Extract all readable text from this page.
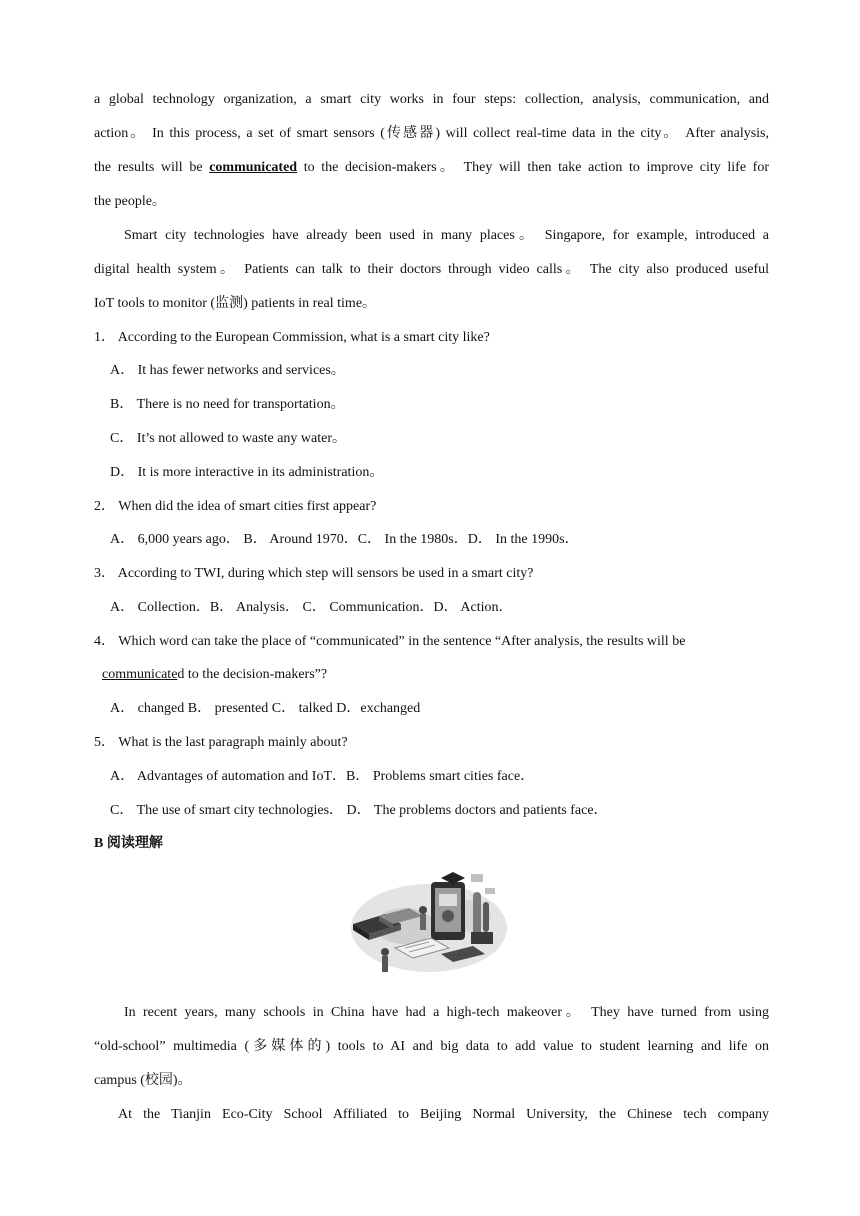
a global technology organization, a smart city works in four steps: collection, analysis, communication, and
action。 In this process, a set of smart sensors (传感器) will collect real-time data in the city。 After analysis,
the results will be communicated to the decision-makers。 They will then take action to improve city life for
the people。
Smart city technologies have already been used in many places。 Singapore, for example, introduced a
digital health system。 Patients can talk to their doctors through video calls。 The city also produced useful
IoT tools to monitor (监测) patients in real time。
1． According to the European Commission, what is a smart city like?
A． It has fewer networks and services。
B． There is no need for transportation。
C． It’s not allowed to waste any water。
D． It is more interactive in its administration。
2． When did the idea of smart cities first appear?
A． 6,000 years ago． B． Around 1970．C． In the 1980s．D． In the 1990s．
3． According to TWI, during which step will sensors be used in a smart city?
A． Collection．B． Analysis． C． Communication．D． Action．
4． Which word can take the place of “communicated” in the sentence “After analysis, the results will be
communicated to the decision-makers”?
A． changed B． presented C． talked D．exchanged
5． What is the last paragraph mainly about?
A． Advantages of automation and IoT．B． Problems smart cities face．
C． The use of smart city technologies． D． The problems doctors and patients face．
B 阅读理解
In recent years, many schools in China have had a high-tech makeover。 They have turned from using
“old-school” multimedia (多媒体的) tools to AI and big data to add value to student learning and life on
campus (校园)。
At the Tianjin Eco-City School Affiliated to Beijing Normal University, the Chinese tech company
